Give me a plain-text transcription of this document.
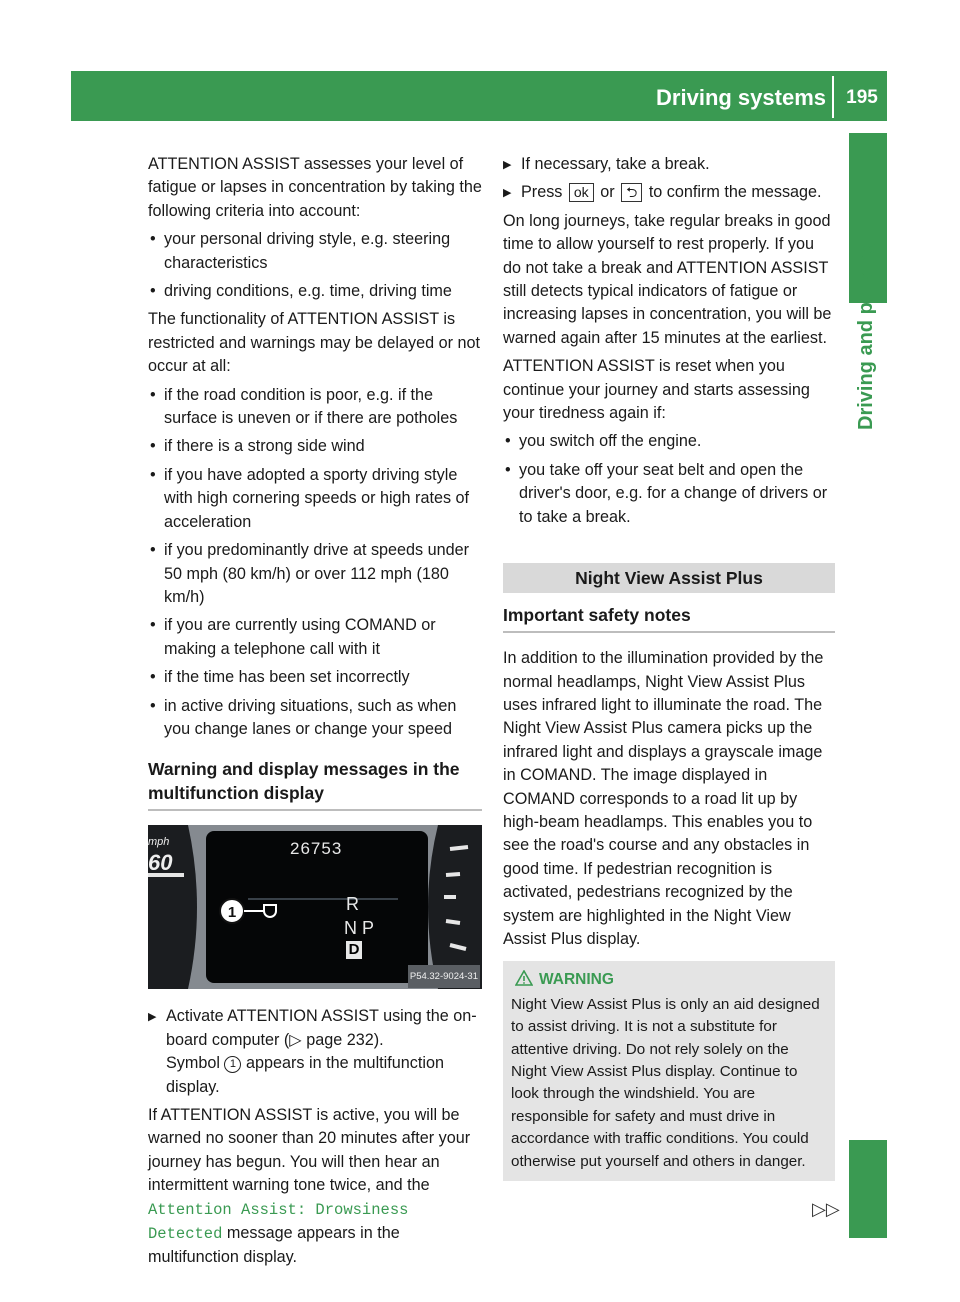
Driving systems	195
Driving and parking

ATTENTION ASSIST assesses your level of fatigue or lapses in concentration by taking the following criteria into account:

• your personal driving style, e.g. steering characteristics
• driving conditions, e.g. time, driving time

The functionality of ATTENTION ASSIST is restricted and warnings may be delayed or not occur at all:

• if the road condition is poor, e.g. if the surface is uneven or if there are potholes
• if there is a strong side wind
• if you have adopted a sporty driving style with high cornering speeds or high rates of acceleration
• if you predominantly drive at speeds under 50 mph (80 km/h) or over 112 mph (180 km/h)
• if you are currently using COMAND or making a telephone call with it
• if the time has been set incorrectly
• in active driving situations, such as when you change lanes or change your speed
Warning and display messages in the multifunction display
mph
60
26753
1	R
N P
D
P54.32-9024-31
▶ Activate ATTENTION ASSIST using the on-board computer (▷ page 232).
Symbol 1 appears in the multifunction display.

If ATTENTION ASSIST is active, you will be warned no sooner than 20 minutes after your journey has begun. You will then hear an intermittent warning tone twice, and the
Attention Assist: Drowsiness
Detected message appears in the multifunction display.

▶ If necessary, take a break.
▶ Press ok or ⮌ to confirm the message.

On long journeys, take regular breaks in good time to allow yourself to rest properly. If you do not take a break and ATTENTION ASSIST still detects typical indicators of fatigue or increasing lapses in concentration, you will be warned again after 15 minutes at the earliest.

ATTENTION ASSIST is reset when you continue your journey and starts assessing your tiredness again if:

• you switch off the engine.
• you take off your seat belt and open the driver's door, e.g. for a change of drivers or to take a break.
Night View Assist Plus
Important safety notes

In addition to the illumination provided by the normal headlamps, Night View Assist Plus uses infrared light to illuminate the road. The Night View Assist Plus camera picks up the infrared light and displays a grayscale image in COMAND. The image displayed in COMAND corresponds to a road lit up by high-beam headlamps. This enables you to see the road's course and any obstacles in good time. If pedestrian recognition is activated, pedestrians recognized by the system are highlighted in the Night View Assist Plus display.

WARNING
Night View Assist Plus is only an aid designed to assist driving. It is not a substitute for attentive driving. Do not rely solely on the Night View Assist Plus display. Continue to look through the windshield. You are responsible for safety and must drive in accordance with traffic conditions. You could otherwise put yourself and others in danger.
▷▷
